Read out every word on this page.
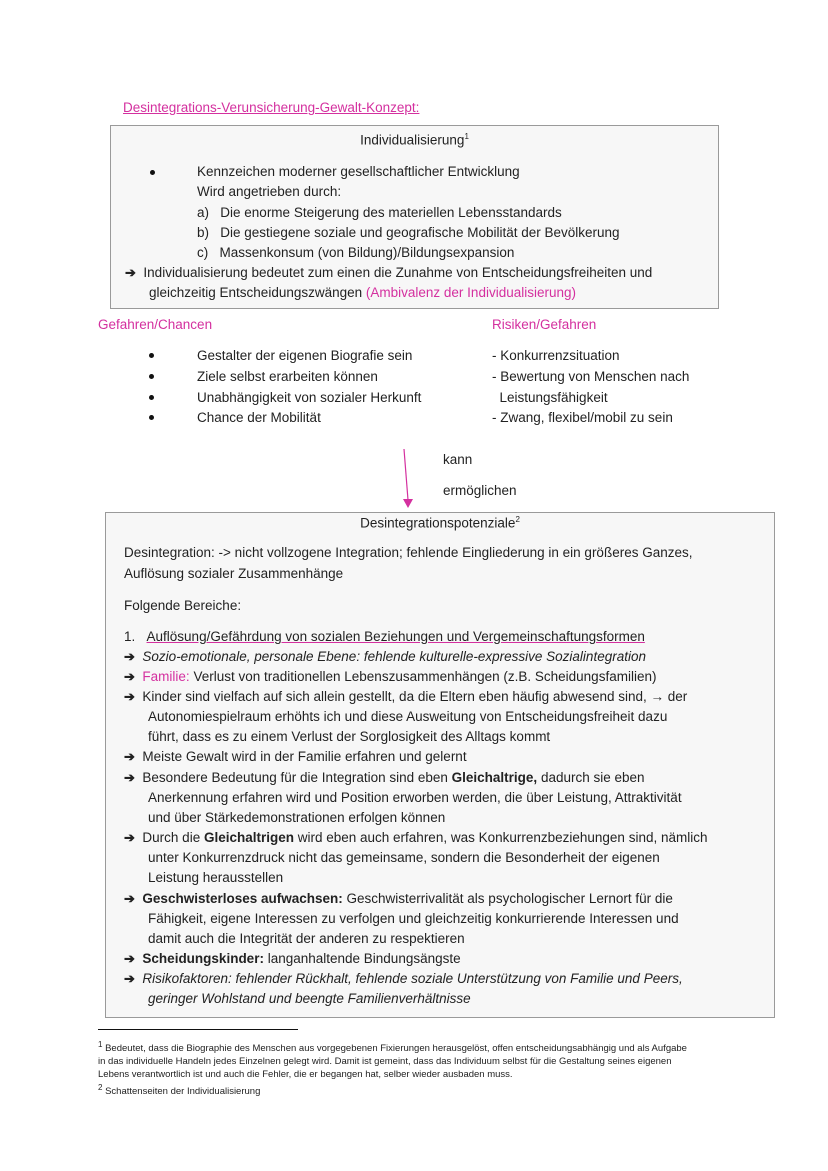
Desintegrations-Verunsicherung-Gewalt-Konzept:
Individualisierung$^1$
Kennzeichen moderner gesellschaftlicher Entwicklung
Wird angetrieben durch:
a) Die enorme Steigerung des materiellen Lebensstandards
b) Die gestiegene soziale und geografische Mobilität der Bevölkerung
c) Massenkonsum (von Bildung)/Bildungsexpansion
➔ Individualisierung bedeutet zum einen die Zunahme von Entscheidungsfreiheiten und
gleichzeitig Entscheidungszwängen (Ambivalenz der Individualisierung)
Gefahren/Chancen	Risiken/Gefahren
Gestalter der eigenen Biografie sein
Ziele selbst erarbeiten können
Unabhängigkeit von sozialer Herkunft
Chance der Mobilität
- Konkurrenzsituation
- Bewertung von Menschen nach
Leistungsfähigkeit
- Zwang, flexibel/mobil zu sein
kann
ermöglichen
Desintegrationspotenziale$^2$
Desintegration: -> nicht vollzogene Integration; fehlende Eingliederung in ein größeres Ganzes,
Auflösung sozialer Zusammenhänge
Folgende Bereiche:
1. Auflösung/Gefährdung von sozialen Beziehungen und Vergemeinschaftungsformen
➔ Sozio-emotionale, personale Ebene: fehlende kulturelle-expressive Sozialintegration
➔ Familie: Verlust von traditionellen Lebenszusammenhängen (z.B. Scheidungsfamilien)
➔ Kinder sind vielfach auf sich allein gestellt, da die Eltern eben häufig abwesend sind, → der
Autonomiespielraum erhöhts ich und diese Ausweitung von Entscheidungsfreiheit dazu
führt, dass es zu einem Verlust der Sorglosigkeit des Alltags kommt
➔ Meiste Gewalt wird in der Familie erfahren und gelernt
➔ Besondere Bedeutung für die Integration sind eben Gleichaltrige, dadurch sie eben
Anerkennung erfahren wird und Position erworben werden, die über Leistung, Attraktivität
und über Stärkedemonstrationen erfolgen können
➔ Durch die Gleichaltrigen wird eben auch erfahren, was Konkurrenzbeziehungen sind, nämlich
unter Konkurrenzdruck nicht das gemeinsame, sondern die Besonderheit der eigenen
Leistung herausstellen
➔ Geschwisterloses aufwachsen: Geschwisterrivalität als psychologischer Lernort für die
Fähigkeit, eigene Interessen zu verfolgen und gleichzeitig konkurrierende Interessen und
damit auch die Integrität der anderen zu respektieren
➔ Scheidungskinder: langanhaltende Bindungsängste
➔ Risikofaktoren: fehlender Rückhalt, fehlende soziale Unterstützung von Familie und Peers,
geringer Wohlstand und beengte Familienverhältnisse
$^1$ Bedeutet, dass die Biographie des Menschen aus vorgegebenen Fixierungen herausgelöst, offen entscheidungsabhängig und als Aufgabe
in das individuelle Handeln jedes Einzelnen gelegt wird. Damit ist gemeint, dass das Individuum selbst für die Gestaltung seines eigenen
Lebens verantwortlich ist und auch die Fehler, die er begangen hat, selber wieder ausbaden muss.
$^2$ Schattenseiten der Individualisierung
